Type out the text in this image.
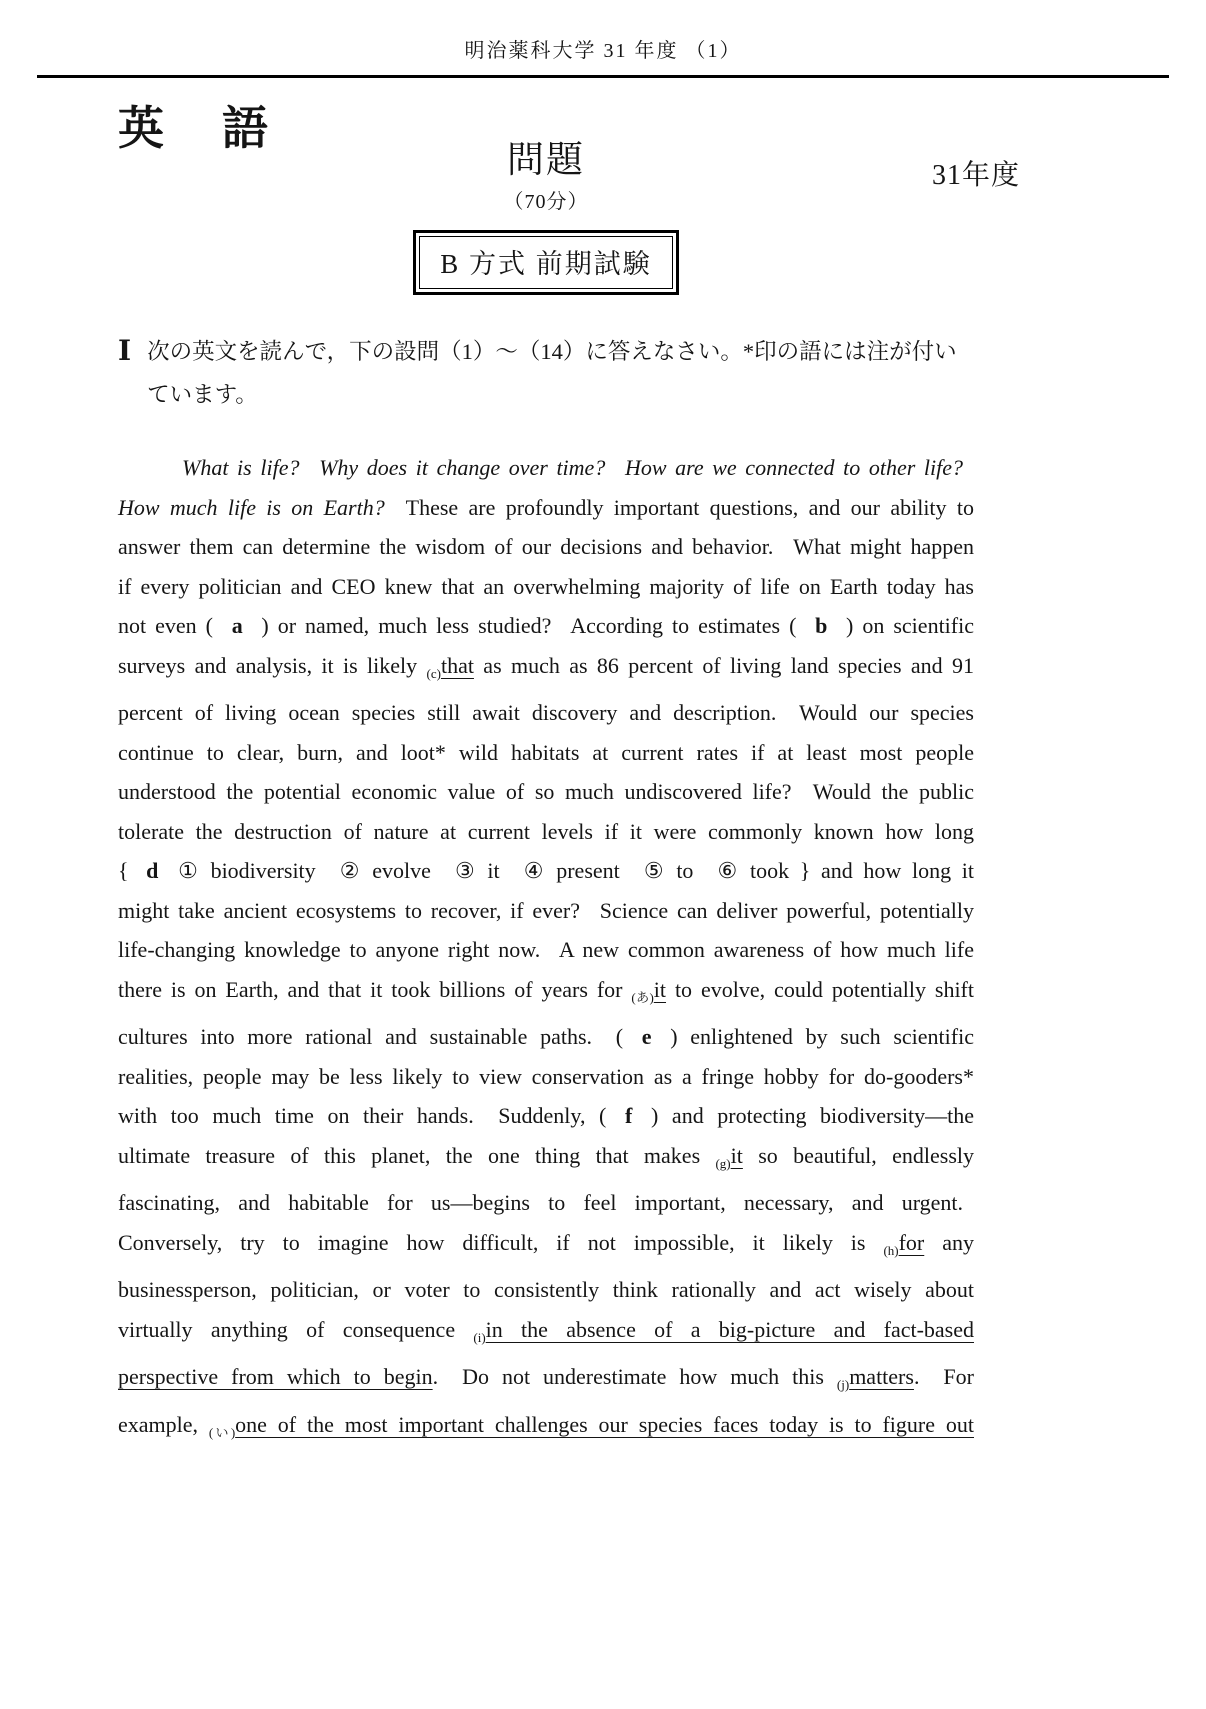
明治薬科大学 31 年度 （1）
英　語
問題
（70分）
31年度
B 方式 前期試験
Ⅰ 次の英文を読んで，下の設問（1）～（14）に答えなさい。*印の語には注が付いています。

What is life?  Why does it change over time?  How are we connected to other life?  How much life is on Earth?  These are profoundly important questions, and our ability to answer them can determine the wisdom of our decisions and behavior.  What might happen if every politician and CEO knew that an overwhelming majority of life on Earth today has not even ( a ) or named, much less studied?  According to estimates ( b ) on scientific surveys and analysis, it is likely $_{(c)}$that as much as 86 percent of living land species and 91 percent of living ocean species still await discovery and description.  Would our species continue to clear, burn, and loot* wild habitats at current rates if at least most people understood the potential economic value of so much undiscovered life?  Would the public tolerate the destruction of nature at current levels if it were commonly known how long { d ① biodiversity ② evolve ③ it ④ present ⑤ to ⑥ took } and how long it might take ancient ecosystems to recover, if ever?  Science can deliver powerful, potentially life-changing knowledge to anyone right now.  A new common awareness of how much life there is on Earth, and that it took billions of years for $_{(あ)}$it to evolve, could potentially shift cultures into more rational and sustainable paths.  ( e ) enlightened by such scientific realities, people may be less likely to view conservation as a fringe hobby for do-gooders* with too much time on their hands.  Suddenly, ( f ) and protecting biodiversity—the ultimate treasure of this planet, the one thing that makes $_{(g)}$it so beautiful, endlessly fascinating, and habitable for us—begins to feel important, necessary, and urgent.  Conversely, try to imagine how difficult, if not impossible, it likely is $_{(h)}$for any businessperson, politician, or voter to consistently think rationally and act wisely about virtually anything of consequence $_{(i)}$in the absence of a big-picture and fact-based perspective from which to begin.  Do not underestimate how much this $_{(j)}$matters.  For example, $_{(い)}$one of the most important challenges our species faces today is to figure out
